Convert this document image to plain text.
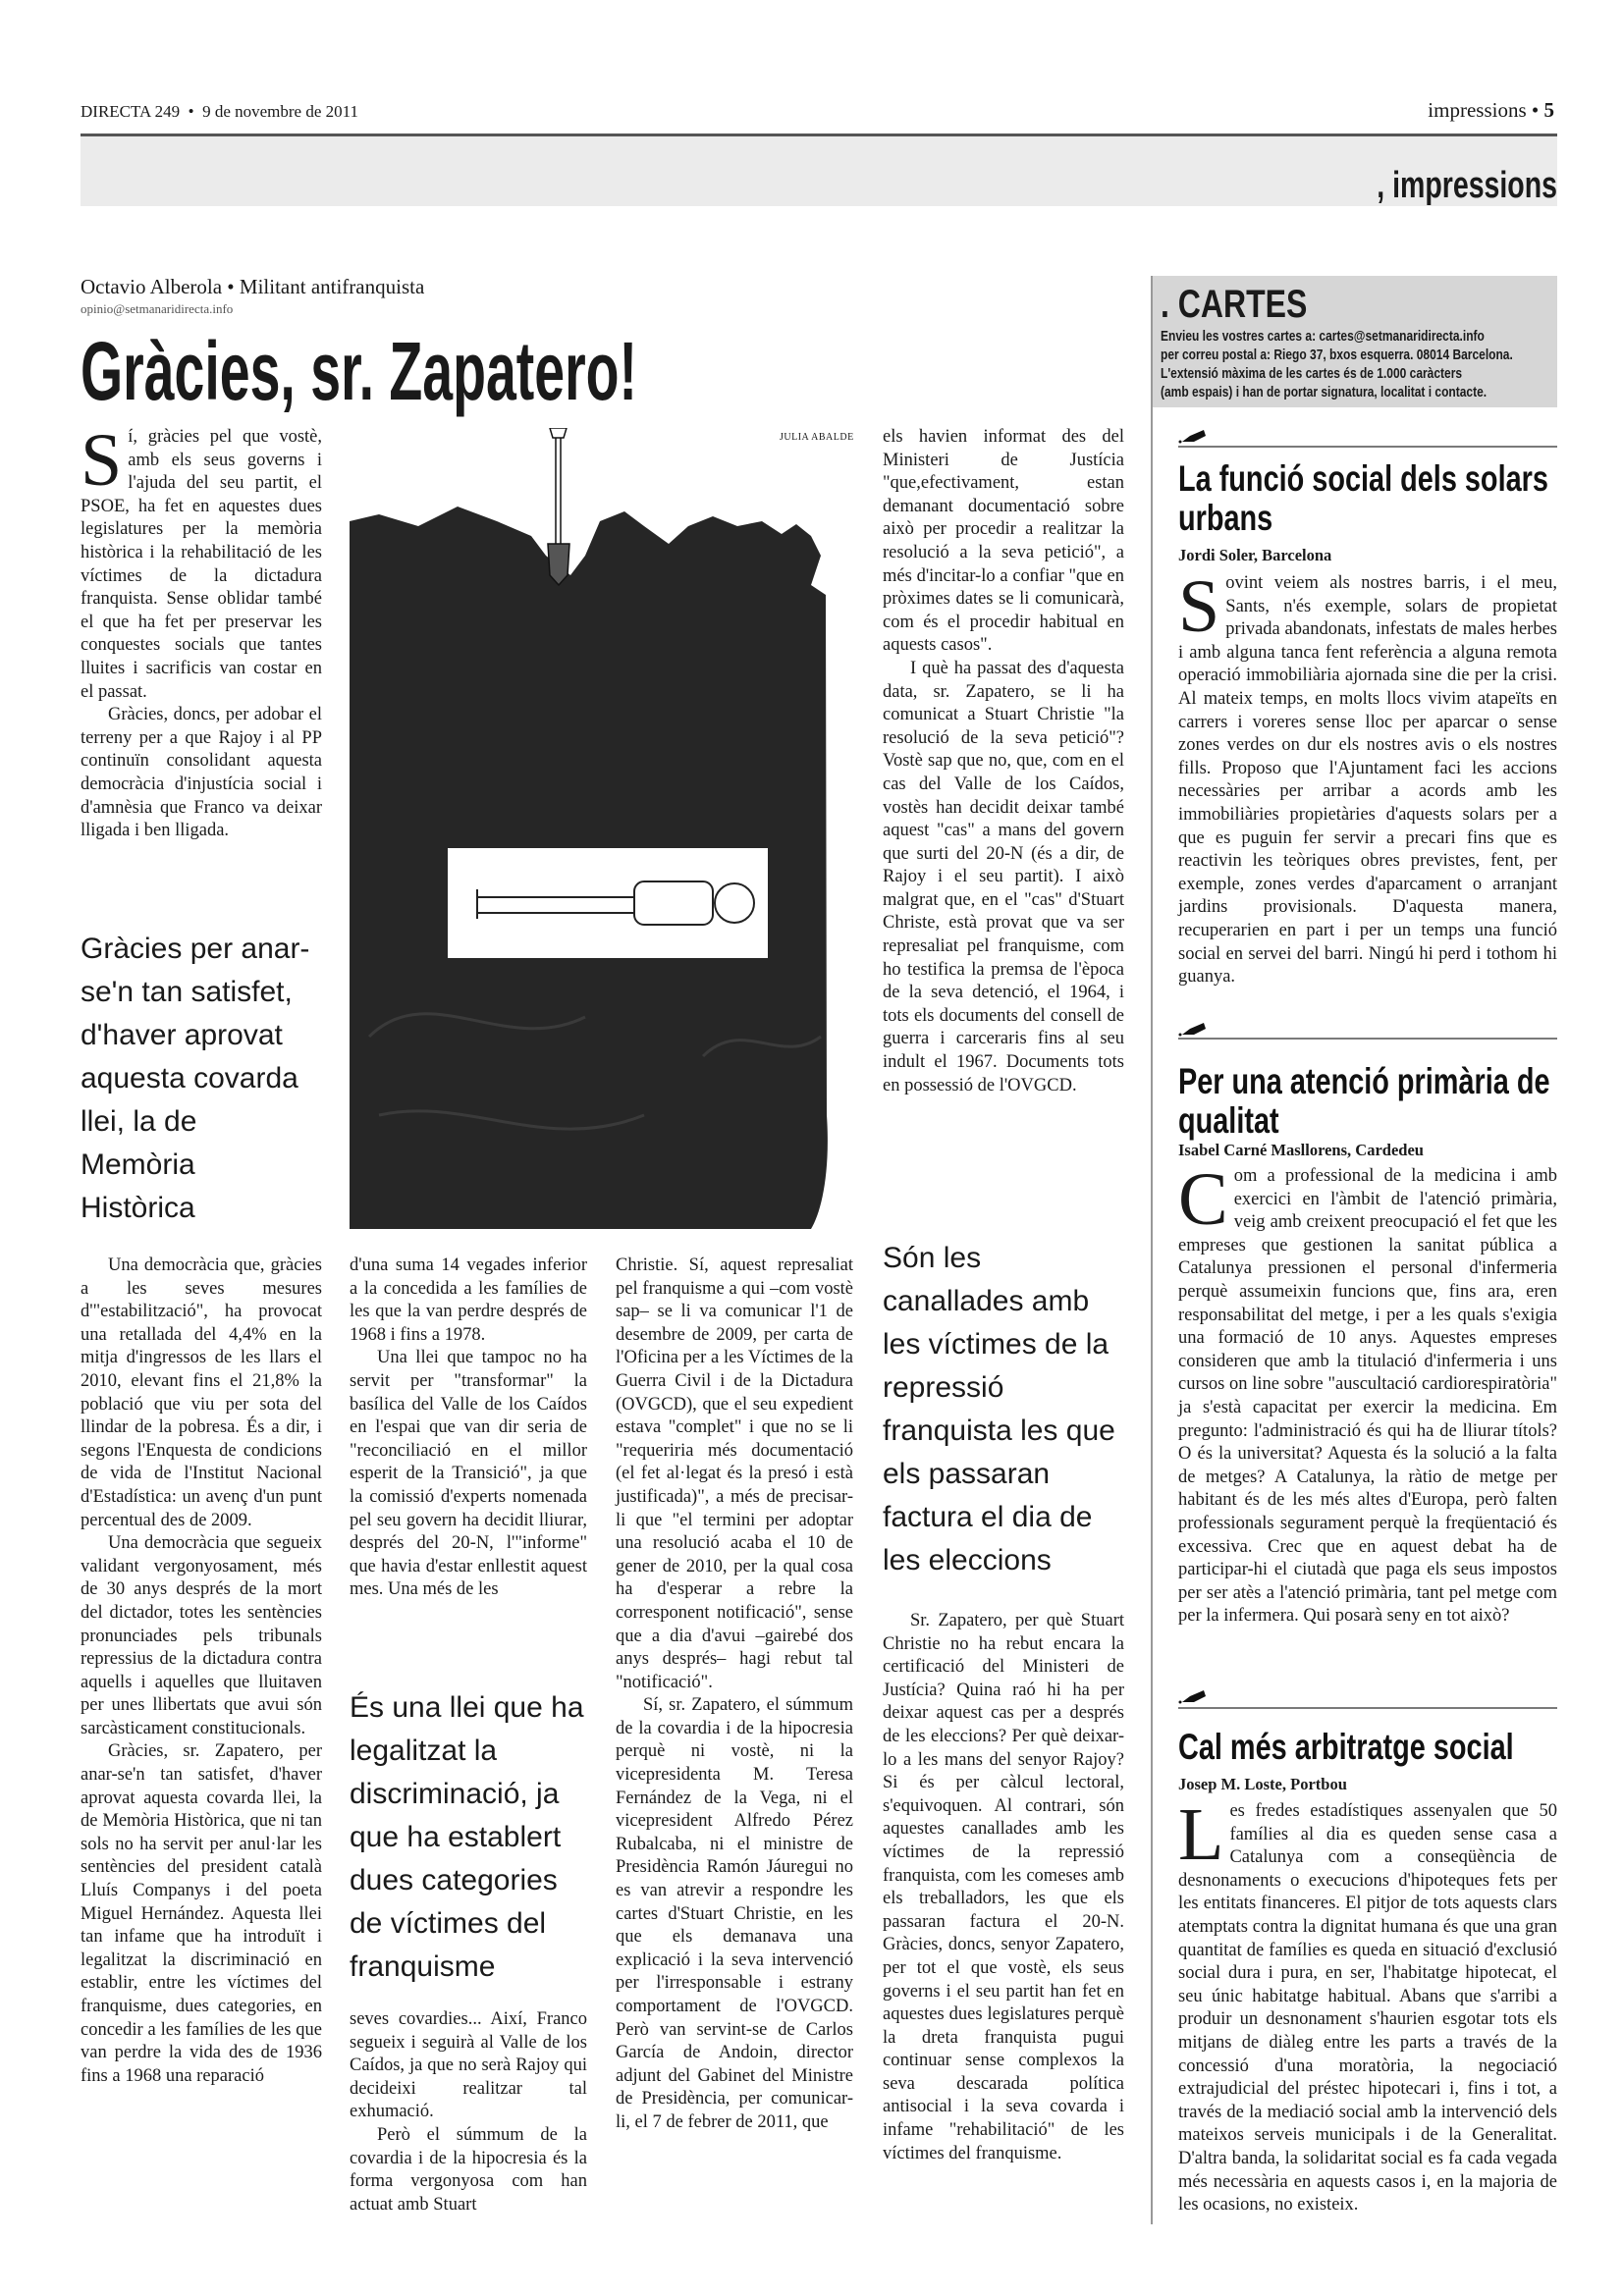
DIRECTA 249 • 9 de novembre de 2011	impressions • 5
, impressions
Octavio Alberola • Militant antifranquista
opinio@setmanaridirecta.info
Gràcies, sr. Zapatero!

Sí, gràcies pel que vostè, amb els seus governs i l'ajuda del seu partit, el PSOE, ha fet en aquestes dues legislatures per la memòria històrica i la rehabilitació de les víctimes de la dictadura franquista. Sense oblidar també el que ha fet per preservar les conquestes socials que tantes lluites i sacrificis van costar en el passat.

Gràcies, doncs, per adobar el terreny per a que Rajoy i al PP continuïn consolidant aquesta democràcia d'injustícia social i d'amnèsia que Franco va deixar lligada i ben lligada.

Gràcies per anar-se'n tan satisfet, d'haver aprovat aquesta covarda llei, la de Memòria Històrica

Una democràcia que, gràcies a les seves mesures d'"estabilització", ha provocat una retallada del 4,4% en la mitja d'ingressos de les llars el 2010, elevant fins el 21,8% la població que viu per sota del llindar de la pobresa. És a dir, i segons l'Enquesta de condicions de vida de l'Institut Nacional d'Estadística: un avenç d'un punt percentual des de 2009.

Una democràcia que segueix validant vergonyosament, més de 30 anys després de la mort del dictador, totes les sentències pronunciades pels tribunals repressius de la dictadura contra aquells i aquelles que lluitaven per unes llibertats que avui són sarcàsticament constitucionals.

Gràcies, sr. Zapatero, per anar-se'n tan satisfet, d'haver aprovat aquesta covarda llei, la de Memòria Històrica, que ni tan sols no ha servit per anul·lar les sentències del president català Lluís Companys i del poeta Miguel Hernández. Aquesta llei tan infame que ha introduït i legalitzat la discriminació en establir, entre les víctimes del franquisme, dues categories, en concedir a les famílies de les que van perdre la vida des de 1936 fins a 1968 una reparació

JULIA ABALDE

d'una suma 14 vegades inferior a la concedida a les famílies de les que la van perdre després de 1968 i fins a 1978.

Una llei que tampoc no ha servit per "transformar" la basílica del Valle de los Caídos en l'espai que van dir seria de "reconciliació en el millor esperit de la Transició", ja que la comissió d'experts nomenada pel seu govern ha decidit lliurar, després del 20-N, l'"informe" que havia d'estar enllestit aquest mes. Una més de les

És una llei que ha legalitzat la discriminació, ja que ha establert dues categories de víctimes del franquisme

seves covardies... Així, Franco segueix i seguirà al Valle de los Caídos, ja que no serà Rajoy qui decideixi realitzar tal exhumació.

Però el súmmum de la covardia i de la hipocresia és la forma vergonyosa com han actuat amb Stuart

Christie. Sí, aquest represaliat pel franquisme a qui –com vostè sap– se li va comunicar l'1 de desembre de 2009, per carta de l'Oficina per a les Víctimes de la Guerra Civil i de la Dictadura (OVGCD), que el seu expedient estava "complet" i que no se li "requeriria més documentació (el fet al·legat és la presó i està justificada)", a més de precisar-li que "el termini per adoptar una resolució acaba el 10 de gener de 2010, per la qual cosa ha d'esperar a rebre la corresponent notificació", sense que a dia d'avui –gairebé dos anys després– hagi rebut tal "notificació".

Sí, sr. Zapatero, el súmmum de la covardia i de la hipocresia perquè ni vostè, ni la vicepresidenta M. Teresa Fernández de la Vega, ni el vicepresident Alfredo Pérez Rubalcaba, ni el ministre de Presidència Ramón Jáuregui no es van atrevir a respondre les cartes d'Stuart Christie, en les que els demanava una explicació i la seva intervenció per l'irresponsable i estrany comportament de l'OVGCD. Però van servint-se de Carlos García de Andoin, director adjunt del Gabinet del Ministre de Presidència, per comunicar-li, el 7 de febrer de 2011, que

els havien informat des del Ministeri de Justícia "que,efectivament, estan demanant documentació sobre això per procedir a realitzar la resolució a la seva petició", a més d'incitar-lo a confiar "que en pròximes dates se li comunicarà, com és el procedir habitual en aquests casos".

I què ha passat des d'aquesta data, sr. Zapatero, se li ha comunicat a Stuart Christie "la resolució de la seva petició"? Vostè sap que no, que, com en el cas del Valle de los Caídos, vostès han decidit deixar també aquest "cas" a mans del govern que surti del 20-N (és a dir, de Rajoy i el seu partit). I això malgrat que, en el "cas" d'Stuart Christe, està provat que va ser represaliat pel franquisme, com ho testifica la premsa de l'època de la seva detenció, el 1964, i tots els documents del consell de guerra i carceraris fins al seu indult el 1967. Documents tots en possessió de l'OVGCD.

Són les canallades amb les víctimes de la repressió franquista les que els passaran factura el dia de les eleccions

Sr. Zapatero, per què Stuart Christie no ha rebut encara la certificació del Ministeri de Justícia? Quina raó hi ha per deixar aquest cas per a després de les eleccions? Per què deixar-lo a les mans del senyor Rajoy? Si és per càlcul lectoral, s'equivoquen. Al contrari, són aquestes canallades amb les víctimes de la repressió franquista, com les comeses amb els treballadors, les que els passaran factura el 20-N. Gràcies, doncs, senyor Zapatero, per tot el que vostè, els seus governs i el seu partit han fet en aquestes dues legislatures perquè la dreta franquista pugui continuar sense complexos la seva descarada política antisocial i la seva covarda i infame "rehabilitació" de les víctimes del franquisme.

. CARTES
Envieu les vostres cartes a: cartes@setmanaridirecta.info
per correu postal a: Riego 37, bxos esquerra. 08014 Barcelona.
L'extensió màxima de les cartes és de 1.000 caràcters
(amb espais) i han de portar signatura, localitat i contacte.
La funció social dels solars urbans
Jordi Soler, Barcelona

Sovint veiem als nostres barris, i el meu, Sants, n'és exemple, solars de propietat privada abandonats, infestats de males herbes i amb alguna tanca fent referència a alguna remota operació immobiliària ajornada sine die per la crisi. Al mateix temps, en molts llocs vivim atapeïts en carrers i voreres sense lloc per aparcar o sense zones verdes on dur els nostres avis o els nostres fills. Proposo que l'Ajuntament faci les accions necessàries per arribar a acords amb les immobiliàries propietàries d'aquests solars per a que es puguin fer servir a precari fins que es reactivin les teòriques obres previstes, fent, per exemple, zones verdes d'aparcament o arranjant jardins provisionals. D'aquesta manera, recuperarien en part i per un temps una funció social en servei del barri. Ningú hi perd i tothom hi guanya.

Per una atenció primària de qualitat
Isabel Carné Masllorens, Cardedeu

Com a professional de la medicina i amb exercici en l'àmbit de l'atenció primària, veig amb creixent preocupació el fet que les empreses que gestionen la sanitat pública a Catalunya pressionen el personal d'infermeria perquè assumeixin funcions que, fins ara, eren responsabilitat del metge, i per a les quals s'exigia una formació de 10 anys. Aquestes empreses consideren que amb la titulació d'infermeria i uns cursos on line sobre "auscultació cardiorespiratòria" ja s'està capacitat per exercir la medicina. Em pregunto: l'administració és qui ha de lliurar títols? O és la universitat? Aquesta és la solució a la falta de metges? A Catalunya, la ràtio de metge per habitant és de les més altes d'Europa, però falten professionals segurament perquè la freqüentació és excessiva. Crec que en aquest debat ha de participar-hi el ciutadà que paga els seus impostos per ser atès a l'atenció primària, tant pel metge com per la infermera. Qui posarà seny en tot això?

Cal més arbitratge social
Josep M. Loste, Portbou

Les fredes estadístiques assenyalen que 50 famílies al dia es queden sense casa a Catalunya com a conseqüència de desnonaments o execucions d'hipoteques fets per les entitats financeres. El pitjor de tots aquests clars atemptats contra la dignitat humana és que una gran quantitat de famílies es queda en situació d'exclusió social dura i pura, en ser, l'habitatge hipotecat, el seu únic habitatge habitual. Abans que s'arribi a produir un desnonament s'haurien esgotar tots els mitjans de diàleg entre les parts a través de la concessió d'una moratòria, la negociació extrajudicial del préstec hipotecari i, fins i tot, a través de la mediació social amb la intervenció dels mateixos serveis municipals i de la Generalitat. D'altra banda, la solidaritat social es fa cada vegada més necessària en aquests casos i, en la majoria de les ocasions, no existeix.
